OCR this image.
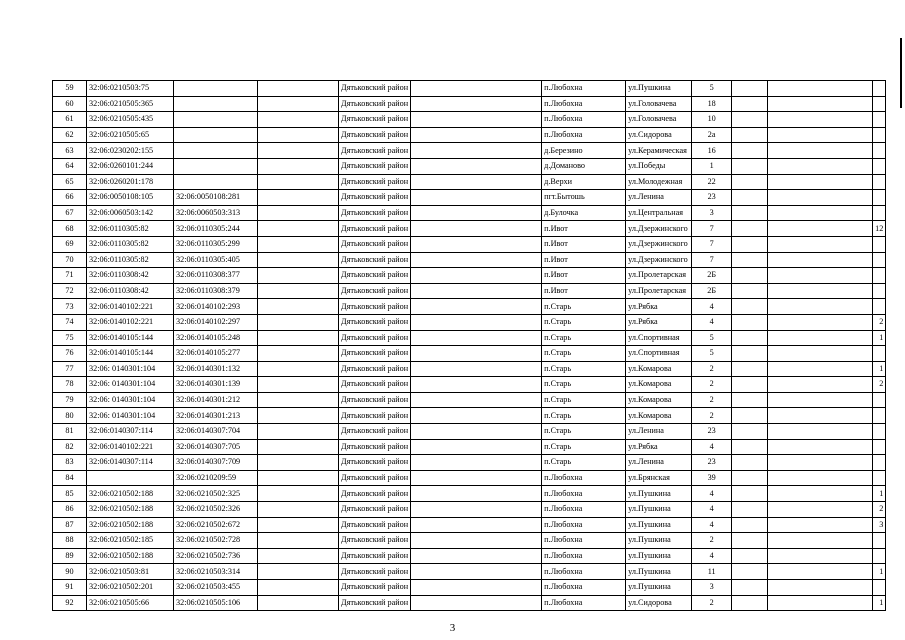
59	32:06:0210503:75			Дятьковский район		п.Любохна	ул.Пушкина	5			
60	32:06:0210505:365			Дятьковский район		п.Любохна	ул.Головачева	18			
61	32:06:0210505:435			Дятьковский район		п.Любохна	ул.Головачева	10			
62	32:06:0210505:65			Дятьковский район		п.Любохна	ул.Сидорова	2а			
63	32:06:0230202:155			Дятьковский район		д.Березино	ул.Керамическая	16			
64	32:06:0260101:244			Дятьковский район		д.Доманово	ул.Победы	1			
65	32:06:0260201:178			Дятьковский район		д.Верхи	ул.Молодежная	22			
66	32:06:0050108:105	32:06:0050108:281		Дятьковский район		пгт.Бытошь	ул.Ленина	23			
67	32:06:0060503:142	32:06:0060503:313		Дятьковский район		д.Булочка	ул.Центральная	3			
68	32:06:0110305:82	32:06:0110305:244		Дятьковский район		п.Ивот	ул.Дзержинского	7			12
69	32:06:0110305:82	32:06:0110305:299		Дятьковский район		п.Ивот	ул.Дзержинского	7			
70	32:06:0110305:82	32:06:0110305:405		Дятьковский район		п.Ивот	ул.Дзержинского	7			
71	32:06:0110308:42	32:06:0110308:377		Дятьковский район		п.Ивот	ул.Пролетарская	2Б			
72	32:06:0110308:42	32:06:0110308:379		Дятьковский район		п.Ивот	ул.Пролетарская	2Б			
73	32:06:0140102:221	32:06:0140102:293		Дятьковский район		п.Старь	ул.Рябка	4			
74	32:06:0140102:221	32:06:0140102:297		Дятьковский район		п.Старь	ул.Рябка	4			2
75	32:06:0140105:144	32:06:0140105:248		Дятьковский район		п.Старь	ул.Спортивная	5			1
76	32:06:0140105:144	32:06:0140105:277		Дятьковский район		п.Старь	ул.Спортивная	5			
77	32:06: 0140301:104	32:06:0140301:132		Дятьковский район		п.Старь	ул.Комарова	2			1
78	32:06: 0140301:104	32:06:0140301:139		Дятьковский район		п.Старь	ул.Комарова	2			2
79	32:06: 0140301:104	32:06:0140301:212		Дятьковский район		п.Старь	ул.Комарова	2			
80	32:06: 0140301:104	32:06:0140301:213		Дятьковский район		п.Старь	ул.Комарова	2			
81	32:06:0140307:114	32:06:0140307:704		Дятьковский район		п.Старь	ул.Ленина	23			
82	32:06:0140102:221	32:06:0140307:705		Дятьковский район		п.Старь	ул.Рябка	4			
83	32:06:0140307:114	32:06:0140307:709		Дятьковский район		п.Старь	ул.Ленина	23			
84		32:06:0210209:59		Дятьковский район		п.Любохна	ул.Брянская	39			
85	32:06:0210502:188	32:06:0210502:325		Дятьковский район		п.Любохна	ул.Пушкина	4			1
86	32:06:0210502:188	32:06:0210502:326		Дятьковский район		п.Любохна	ул.Пушкина	4			2
87	32:06:0210502:188	32:06:0210502:672		Дятьковский район		п.Любохна	ул.Пушкина	4			3
88	32:06:0210502:185	32:06:0210502:728		Дятьковский район		п.Любохна	ул.Пушкина	2			
89	32:06:0210502:188	32:06:0210502:736		Дятьковский район		п.Любохна	ул.Пушкина	4			
90	32:06:0210503:81	32:06:0210503:314		Дятьковский район		п.Любохна	ул.Пушкина	11			1
91	32:06:0210502:201	32:06:0210503:455		Дятьковский район		п.Любохна	ул.Пушкина	3			
92	32:06:0210505:66	32:06:0210505:106		Дятьковский район		п.Любохна	ул.Сидорова	2			1
3
